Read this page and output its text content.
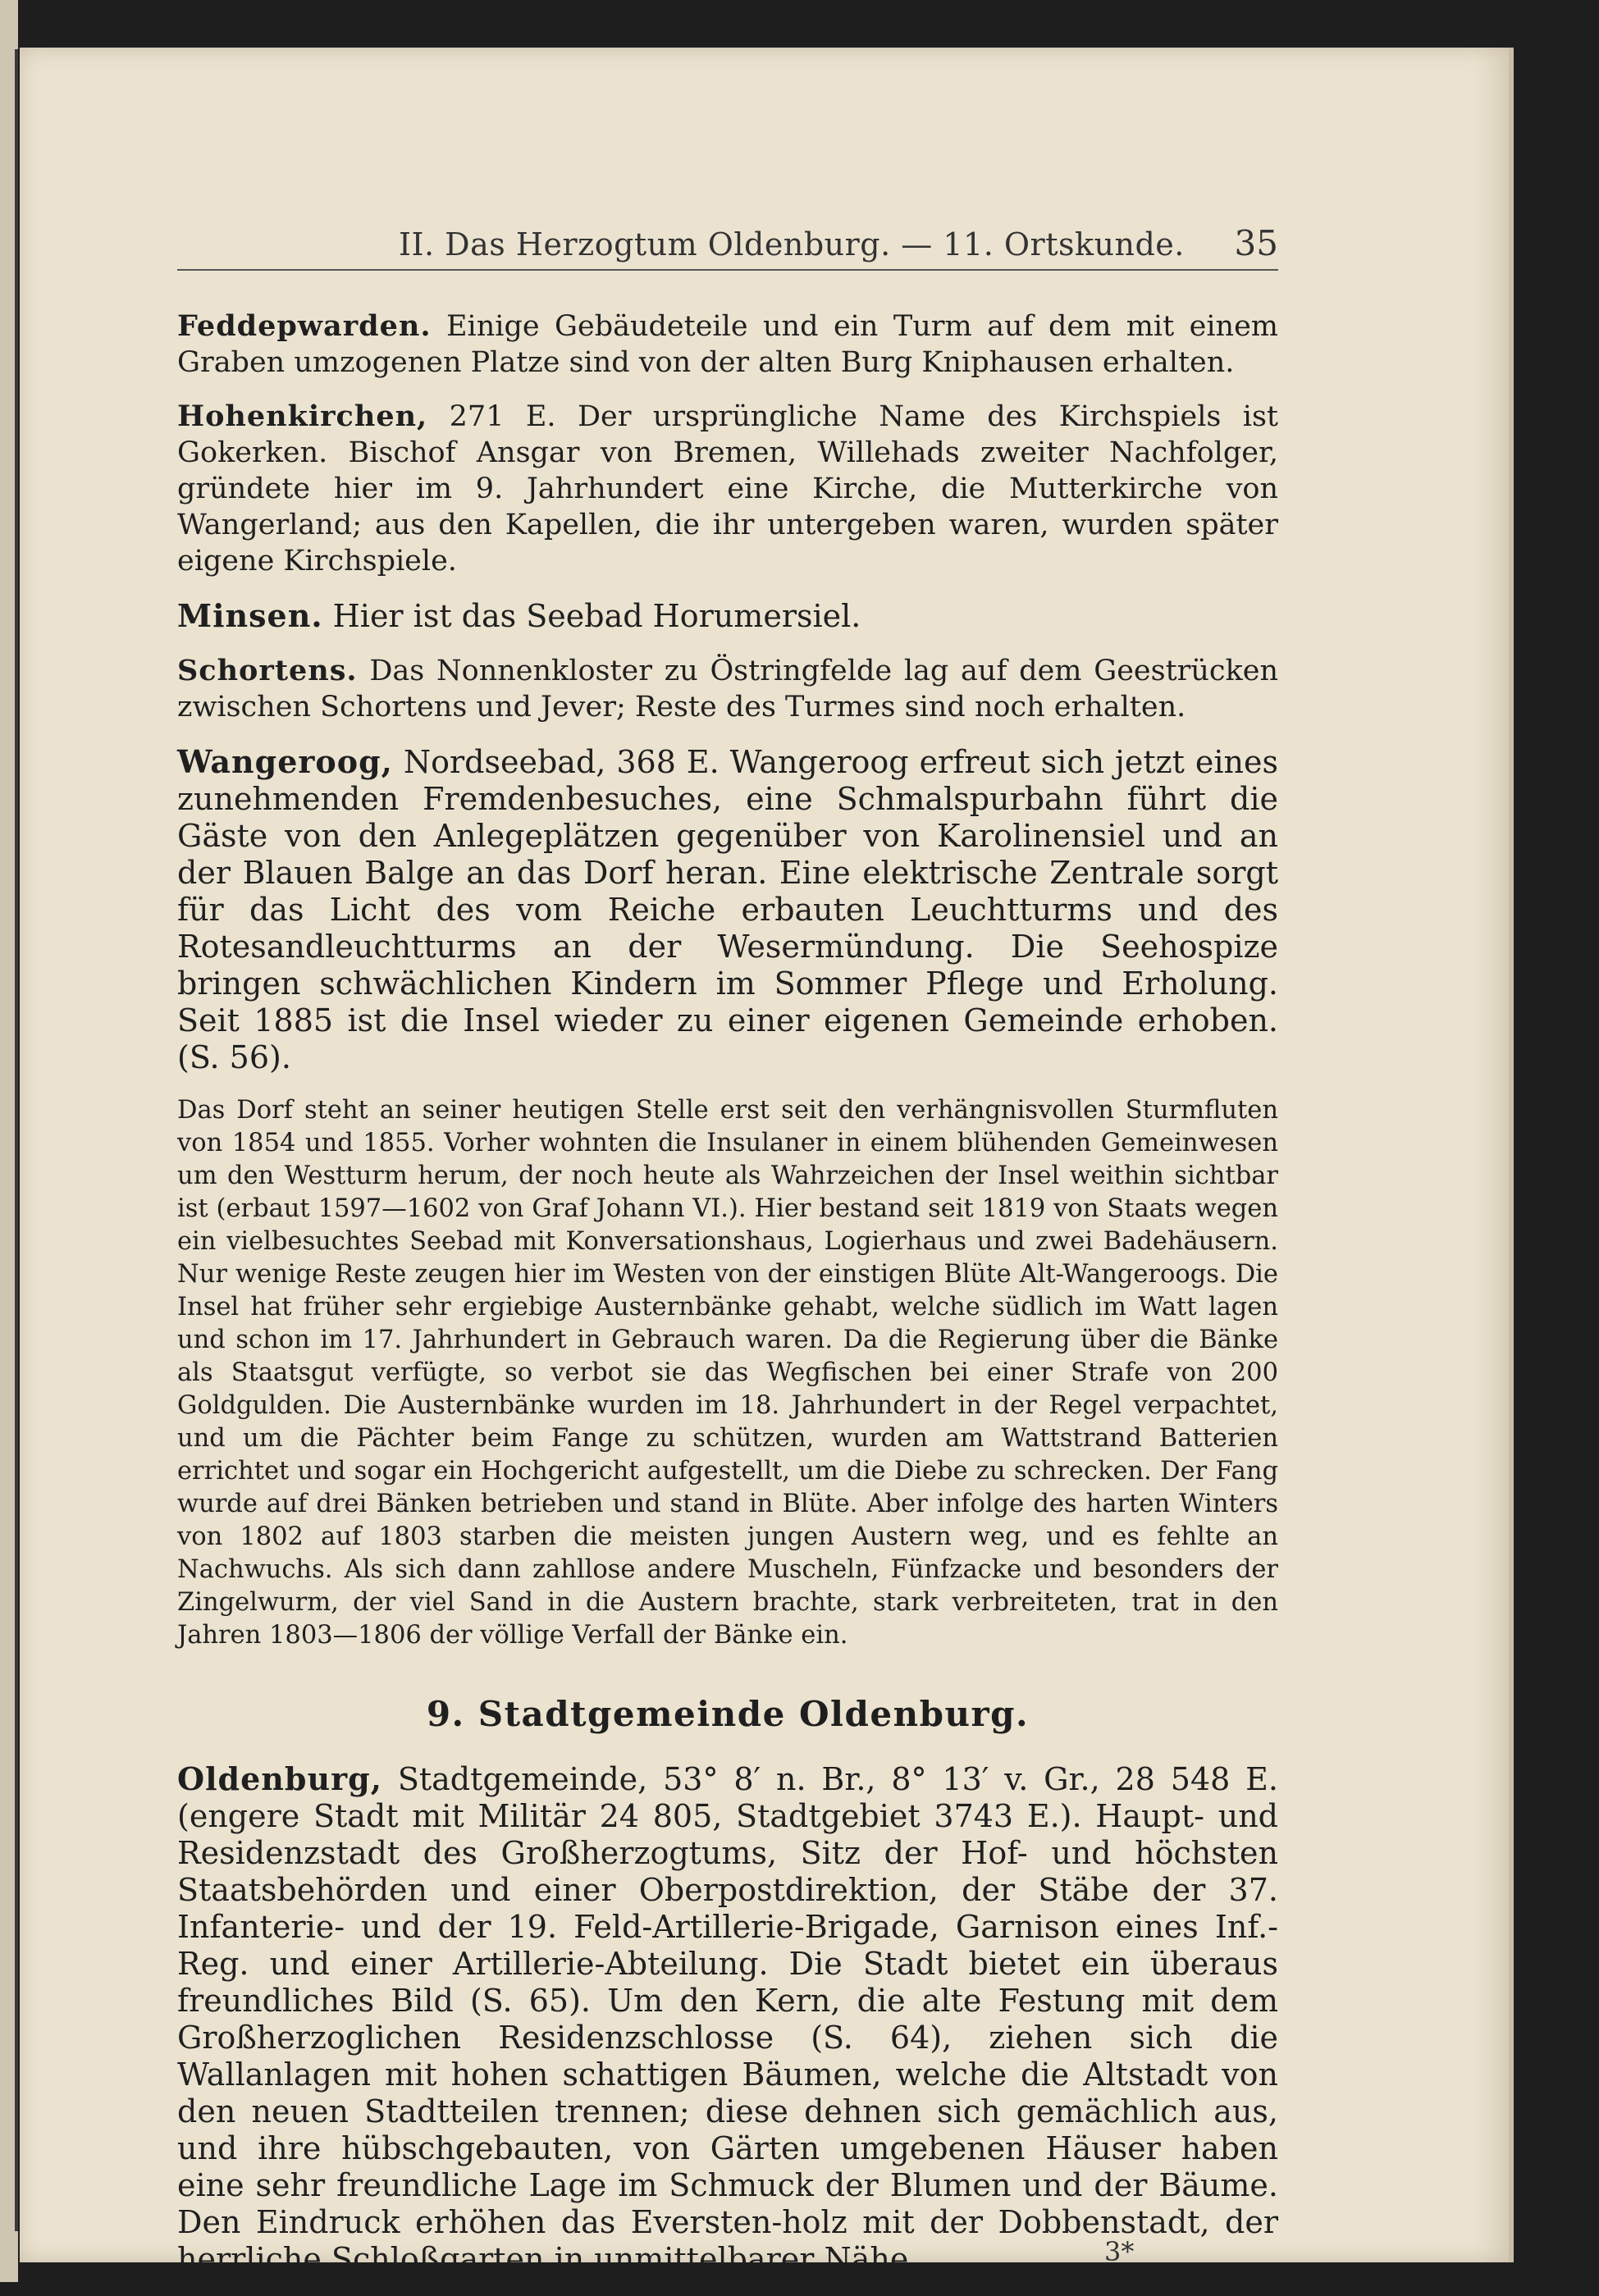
II. Das Herzogtum Oldenburg. — 11. Ortskunde. 35

Feddерwarden. Einige Gebäudeteile und ein Turm auf dem mit einem Graben umzogenen Platze sind von der alten Burg Kniphausen erhalten.

Hohenkirchen, 271 E. Der ursprüngliche Name des Kirchspiels ist Gokerken. Bischof Ansgar von Bremen, Willehads zweiter Nachfolger, gründete hier im 9. Jahrhundert eine Kirche, die Mutterkirche von Wangerland; aus den Kapellen, die ihr untergeben waren, wurden später eigene Kirchspiele.

Minsen. Hier ist das Seebad Horumersiel.

Schortens. Das Nonnenkloster zu Östringfelde lag auf dem Geestrücken zwischen Schortens und Jever; Reste des Turmes sind noch erhalten.

Wangeroog, Nordseebad, 368 E. Wangeroog erfreut sich jetzt eines zunehmenden Fremdenbesuches, eine Schmalspurbahn führt die Gäste von den Anlegeplätzen gegenüber von Karolinensiel und an der Blauen Balge an das Dorf heran. Eine elektrische Zentrale sorgt für das Licht des vom Reiche erbauten Leuchtturms und des Rotesandleuchtturms an der Wesermündung. Die Seehospize bringen schwächlichen Kindern im Sommer Pflege und Erholung. Seit 1885 ist die Insel wieder zu einer eigenen Gemeinde erhoben. (S. 56).

Das Dorf steht an seiner heutigen Stelle erst seit den verhängnisvollen Sturmfluten von 1854 und 1855. Vorher wohnten die Insulaner in einem blühenden Gemeinwesen um den Westturm herum, der noch heute als Wahrzeichen der Insel weithin sichtbar ist (erbaut 1597—1602 von Graf Johann VI.). Hier bestand seit 1819 von Staats wegen ein vielbesuchtes Seebad mit Konversationshaus, Logierhaus und zwei Badehäusern. Nur wenige Reste zeugen hier im Westen von der einstigen Blüte Alt-Wangeroogs. Die Insel hat früher sehr ergiebige Austernbänke gehabt, welche südlich im Watt lagen und schon im 17. Jahrhundert in Gebrauch waren. Da die Regierung über die Bänke als Staatsgut verfügte, so verbot sie das Wegfischen bei einer Strafe von 200 Goldgulden. Die Austernbänke wurden im 18. Jahrhundert in der Regel verpachtet, und um die Pächter beim Fange zu schützen, wurden am Wattstrand Batterien errichtet und sogar ein Hochgericht aufgestellt, um die Diebe zu schrecken. Der Fang wurde auf drei Bänken betrieben und stand in Blüte. Aber infolge des harten Winters von 1802 auf 1803 starben die meisten jungen Austern weg, und es fehlte an Nachwuchs. Als sich dann zahllose andere Muscheln, Fünfzacke und besonders der Zingelwurm, der viel Sand in die Austern brachte, stark verbreiteten, trat in den Jahren 1803—1806 der völlige Verfall der Bänke ein.

9. Stadtgemeinde Oldenburg.

Oldenburg, Stadtgemeinde, 53° 8′ n. Br., 8° 13′ v. Gr., 28 548 E. (engere Stadt mit Militär 24 805, Stadtgebiet 3743 E.). Haupt- und Residenzstadt des Großherzogtums, Sitz der Hof- und höchsten Staatsbehörden und einer Oberpostdirektion, der Stäbe der 37. Infanterie- und der 19. Feld-Artillerie-Brigade, Garnison eines Inf.-Reg. und einer Artillerie-Abteilung. Die Stadt bietet ein überaus freundliches Bild (S. 65). Um den Kern, die alte Festung mit dem Großherzoglichen Residenzschlosse (S. 64), ziehen sich die Wallanlagen mit hohen schattigen Bäumen, welche die Altstadt von den neuen Stadtteilen trennen; diese dehnen sich gemächlich aus, und ihre hübschgebauten, von Gärten umgebenen Häuser haben eine sehr freundliche Lage im Schmuck der Blumen und der Bäume. Den Eindruck erhöhen das Eversten-holz mit der Dobbenstadt, der herrliche Schloßgarten in unmittelbarer Nähe	3*
